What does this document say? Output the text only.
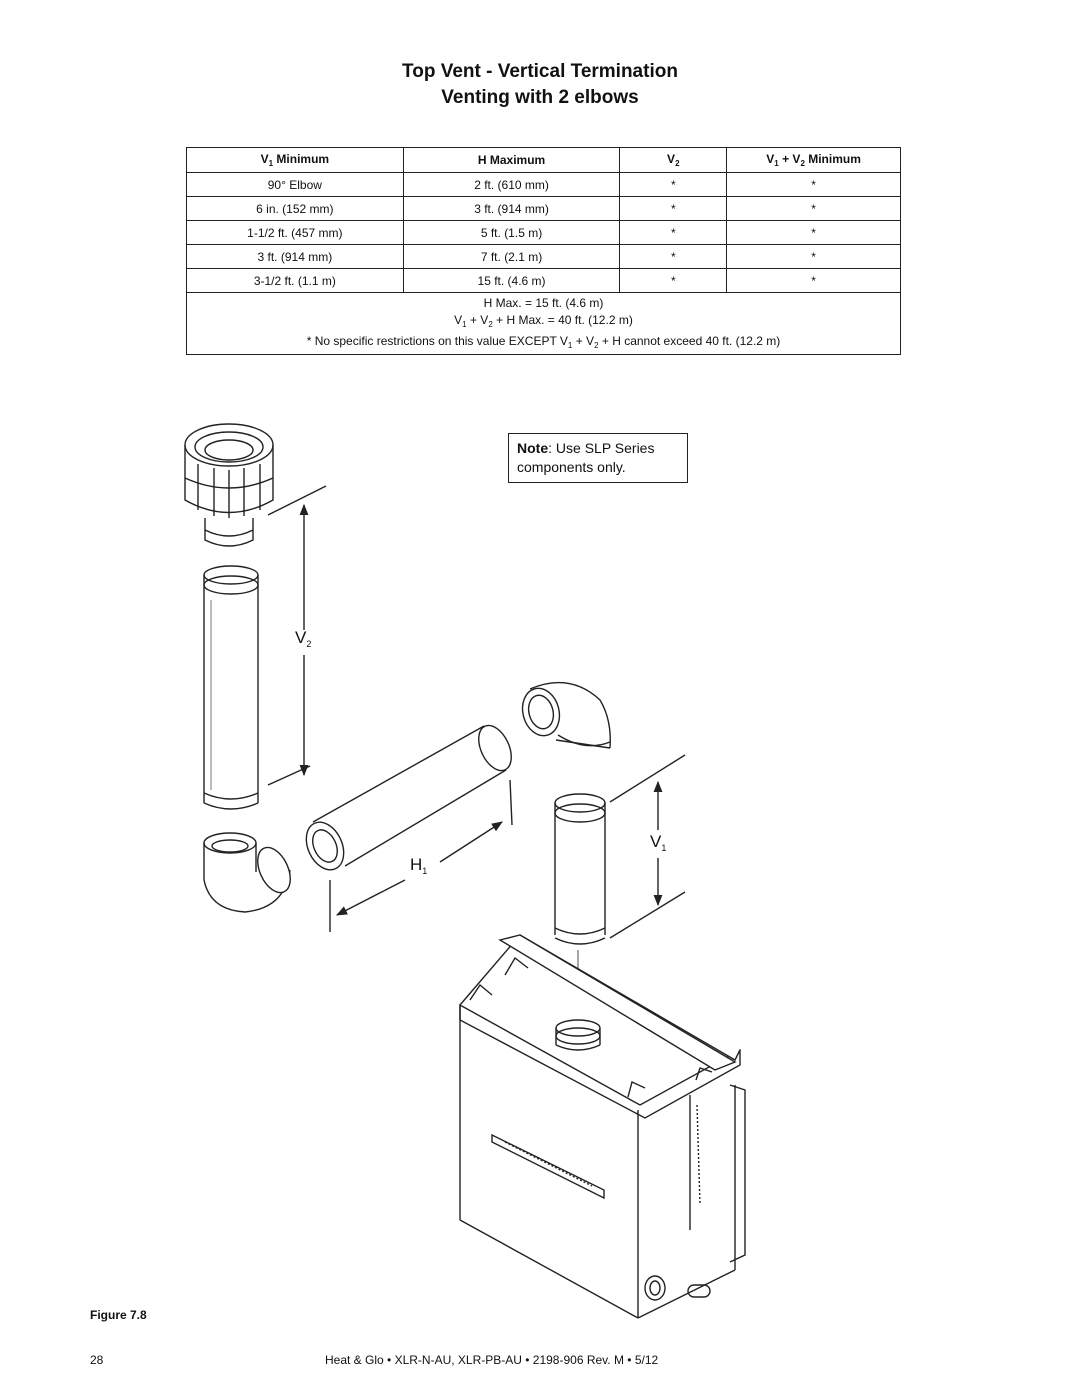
Top Vent - Vertical Termination
Venting with 2 elbows
$V_1$ Minimum	H Maximum	$V_2$	$V_1 + V_2$ Minimum
90° Elbow	2 ft. (610 mm)	*	*
6 in. (152 mm)	3 ft. (914 mm)	*	*
1-1/2 ft. (457 mm)	5 ft. (1.5 m)	*	*
3 ft. (914 mm)	7 ft. (2.1 m)	*	*
3-1/2 ft. (1.1 m)	15 ft. (4.6 m)	*	*

H Max. = 15 ft. (4.6 m)
$V_1 + V_2 + H$ Max. = 40 ft. (12.2 m)
* No specific restrictions on this value EXCEPT $V_1 + V_2 + H$ cannot exceed 40 ft. (12.2 m)			
Note: Use SLP Series
components only.
$V_2$
$V_1$
$H_1$
Figure 7.8
28	Heat & Glo • XLR-N-AU, XLR-PB-AU • 2198-906 Rev. M • 5/12
